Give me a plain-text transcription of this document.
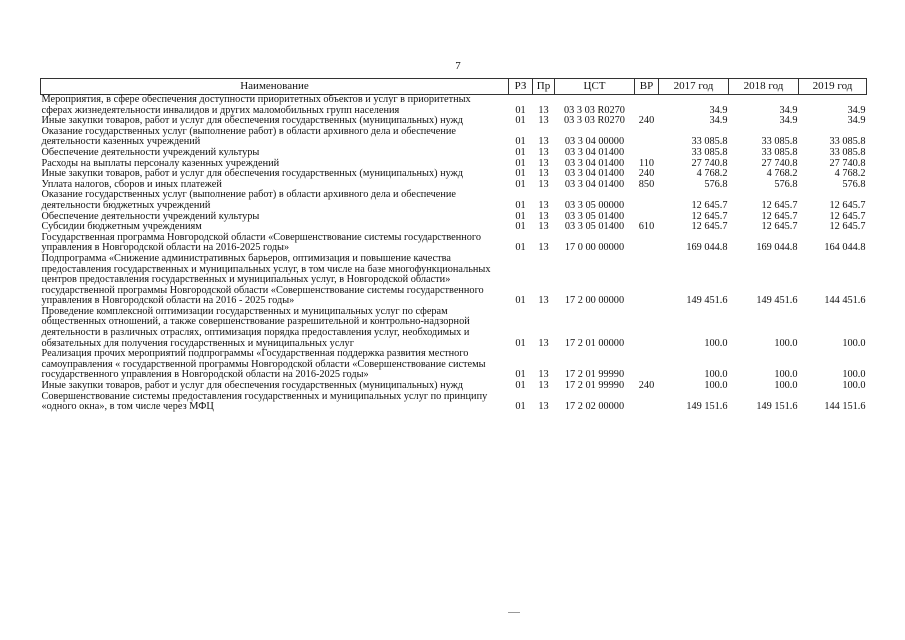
7
Наименование	РЗ	Пр	ЦСТ	ВР	2017 год	2018 год	2019 год
Мероприятия, в сфере обеспечения доступности приоритетных объектов и услуг в приоритетных сферах жизнедеятельности инвалидов и других маломобильных групп населения	01	13	03 3 03 R0270		34.9	34.9	34.9
Иные закупки товаров, работ и услуг для обеспечения государственных (муниципальных) нужд	01	13	03 3 03 R0270	240	34.9	34.9	34.9
Оказание государственных услуг (выполнение работ) в области архивного дела и обеспечение деятельности казенных учреждений	01	13	03 3 04 00000		33 085.8	33 085.8	33 085.8
Обеспечение деятельности учреждений культуры	01	13	03 3 04 01400		33 085.8	33 085.8	33 085.8
Расходы на выплаты персоналу казенных учреждений	01	13	03 3 04 01400	110	27 740.8	27 740.8	27 740.8
Иные закупки товаров, работ и услуг для обеспечения государственных (муниципальных) нужд	01	13	03 3 04 01400	240	4 768.2	4 768.2	4 768.2
Уплата налогов, сборов и иных платежей	01	13	03 3 04 01400	850	576.8	576.8	576.8
Оказание государственных услуг (выполнение работ) в области архивного дела и обеспечение деятельности бюджетных учреждений	01	13	03 3 05 00000		12 645.7	12 645.7	12 645.7
Обеспечение деятельности учреждений культуры	01	13	03 3 05 01400		12 645.7	12 645.7	12 645.7
Субсидии бюджетным учреждениям	01	13	03 3 05 01400	610	12 645.7	12 645.7	12 645.7
Государственная программа Новгородской области «Совершенствование системы государственного управления в Новгородской области на 2016-2025 годы»	01	13	17 0 00 00000		169 044.8	169 044.8	164 044.8
Подпрограмма «Снижение административных барьеров, оптимизация и повышение качества предоставления государственных и муниципальных услуг, в том числе на базе многофункциональных центров предоставления государственных и муниципальных услуг, в Новгородской области» государственной программы Новгородской области «Совершенствование системы государственного управления в Новгородской области на 2016 - 2025 годы»	01	13	17 2 00 00000		149 451.6	149 451.6	144 451.6
Проведение комплексной оптимизации государственных и муниципальных услуг по сферам общественных отношений, а также совершенствование разрешительной и контрольно-надзорной деятельности в различных отраслях, оптимизация порядка предоставления услуг, необходимых и обязательных для получения государственных и муниципальных услуг	01	13	17 2 01 00000		100.0	100.0	100.0
Реализация прочих мероприятий подпрограммы «Государственная поддержка развития местного самоуправления « государственной программы Новгородской области «Совершенствование системы государственного управления в Новгородской области на 2016-2025 годы»	01	13	17 2 01 99990		100.0	100.0	100.0
Иные закупки товаров, работ и услуг для обеспечения государственных (муниципальных) нужд	01	13	17 2 01 99990	240	100.0	100.0	100.0
Совершенствование системы предоставления государственных и муниципальных услуг по принципу «одного окна», в том числе через МФЦ	01	13	17 2 02 00000		149 151.6	149 151.6	144 151.6
